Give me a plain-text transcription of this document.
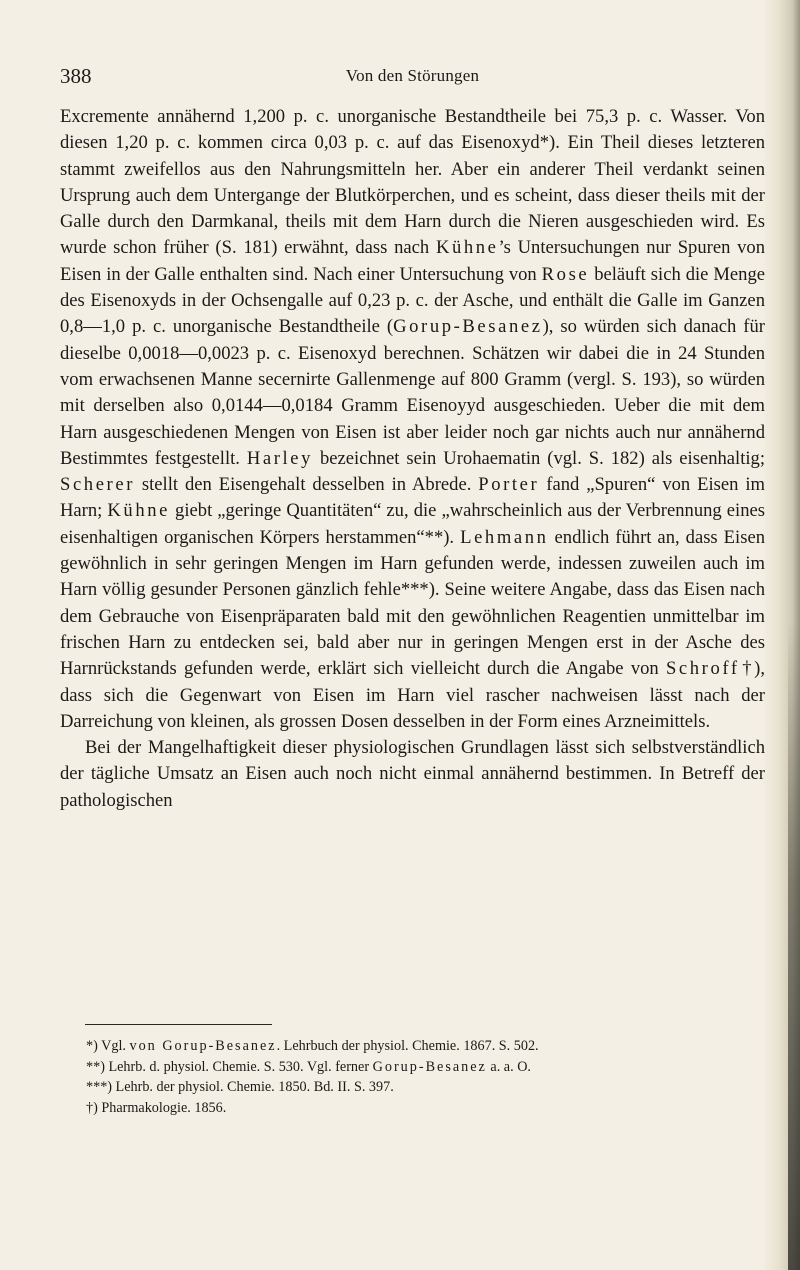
388	Von den Störungen

Excremente annähernd 1,200 p. c. unorganische Bestandtheile bei 75,3 p. c. Wasser. Von diesen 1,20 p. c. kommen circa 0,03 p. c. auf das Eisenoxyd*). Ein Theil dieses letzteren stammt zweifellos aus den Nahrungsmitteln her. Aber ein anderer Theil verdankt seinen Ursprung auch dem Untergange der Blutkörperchen, und es scheint, dass dieser theils mit der Galle durch den Darmkanal, theils mit dem Harn durch die Nieren ausgeschieden wird. Es wurde schon früher (S. 181) erwähnt, dass nach Kühne’s Untersuchungen nur Spuren von Eisen in der Galle enthalten sind. Nach einer Untersuchung von Rose beläuft sich die Menge des Eisenoxyds in der Ochsengalle auf 0,23 p. c. der Asche, und enthält die Galle im Ganzen 0,8—1,0 p. c. unorganische Bestandtheile (Gorup-Besanez), so würden sich danach für dieselbe 0,0018—0,0023 p. c. Eisenoxyd berechnen. Schätzen wir dabei die in 24 Stunden vom erwachsenen Manne secernirte Gallenmenge auf 800 Gramm (vergl. S. 193), so würden mit derselben also 0,0144—0,0184 Gramm Eisenoyyd ausgeschieden. Ueber die mit dem Harn ausgeschiedenen Mengen von Eisen ist aber leider noch gar nichts auch nur annähernd Bestimmtes festgestellt. Harley bezeichnet sein Urohaematin (vgl. S. 182) als eisenhaltig; Scherer stellt den Eisengehalt desselben in Abrede. Porter fand „Spuren“ von Eisen im Harn; Kühne giebt „geringe Quantitäten“ zu, die „wahrscheinlich aus der Verbrennung eines eisenhaltigen organischen Körpers herstammen“**). Lehmann endlich führt an, dass Eisen gewöhnlich in sehr geringen Mengen im Harn gefunden werde, indessen zuweilen auch im Harn völlig gesunder Personen gänzlich fehle***). Seine weitere Angabe, dass das Eisen nach dem Gebrauche von Eisenpräparaten bald mit den gewöhnlichen Reagentien unmittelbar im frischen Harn zu entdecken sei, bald aber nur in geringen Mengen erst in der Asche des Harnrückstands gefunden werde, erklärt sich vielleicht durch die Angabe von Schroff†), dass sich die Gegenwart von Eisen im Harn viel rascher nachweisen lässt nach der Darreichung von kleinen, als grossen Dosen desselben in der Form eines Arzneimittels.

Bei der Mangelhaftigkeit dieser physiologischen Grundlagen lässt sich selbstverständlich der tägliche Umsatz an Eisen auch noch nicht einmal annähernd bestimmen. In Betreff der pathologischen

*) Vgl. von Gorup-Besanez. Lehrbuch der physiol. Chemie. 1867. S. 502.
**) Lehrb. d. physiol. Chemie. S. 530. Vgl. ferner Gorup-Besanez a. a. O.
***) Lehrb. der physiol. Chemie. 1850. Bd. II. S. 397.
†) Pharmakologie. 1856.
